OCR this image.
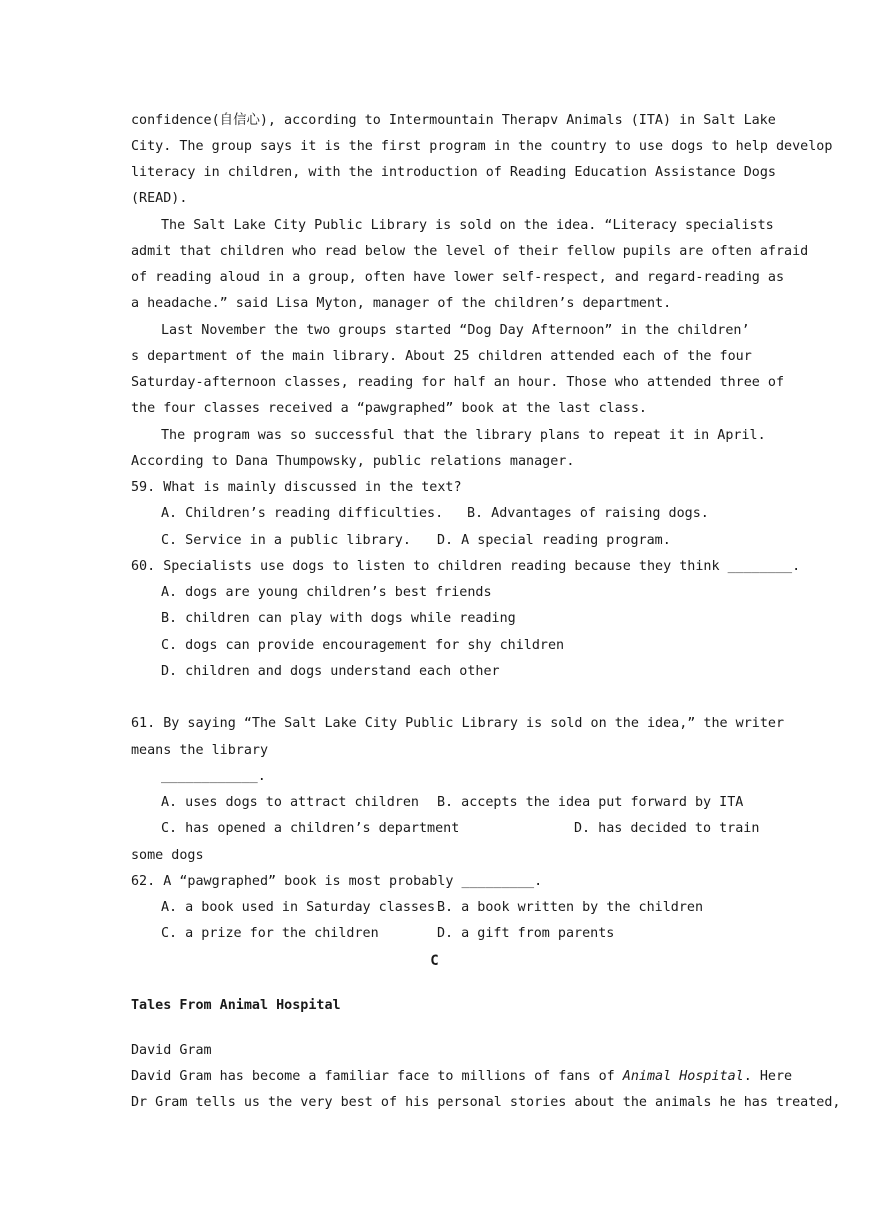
confidence(自信心), according to Intermountain Therapv Animals (ITA) in Salt Lake
City. The group says it is the first program in the country to use dogs to help develop
literacy in children, with the introduction of Reading Education Assistance Dogs
(READ).
The Salt Lake City Public Library is sold on the idea. “Literacy specialists
admit that children who read below the level of their fellow pupils are often afraid
of reading aloud in a group, often have lower self-respect, and regard-reading as
a headache.” said Lisa Myton, manager of the children’s department.
Last November the two groups started “Dog Day Afternoon” in the children’
s department of the main library. About 25 children attended each of the four
Saturday-afternoon classes, reading for half an hour. Those who attended three of
the four classes received a “pawgraphed” book at the last class.
The program was so successful that the library plans to repeat it in April.
According to Dana Thumpowsky, public relations manager.
59. What is mainly discussed in the text?
A. Children’s reading difficulties.	B. Advantages of raising dogs.
C. Service in a public library.	D. A special reading program.
60. Specialists use dogs to listen to children reading because they think ________.
A. dogs are young children’s best friends
B. children can play with dogs while reading
C. dogs can provide encouragement for shy children
D. children and dogs understand each other
61. By saying “The Salt Lake City Public Library is sold on the idea,” the writer
means the library
____________.
A. uses dogs to attract children	B. accepts the idea put forward by ITA
C. has opened a children’s department	D. has decided to train
some dogs
62. A “pawgraphed” book is most probably _________.
A. a book used in Saturday classes B. a book written by the children
C. a prize for the children	D. a gift from parents
C
Tales From Animal Hospital
David Gram
David Gram has become a familiar face to millions of fans of Animal Hospital. Here
Dr Gram tells us the very best of his personal stories about the animals he has treated,
